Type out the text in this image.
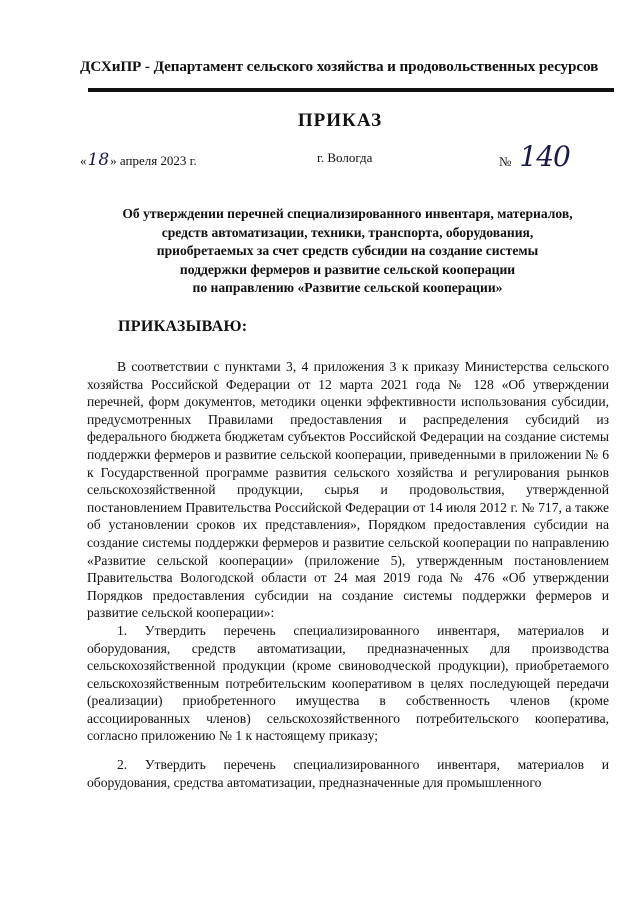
ДСХиПР - Департамент сельского хозяйства и продовольственных ресурсов
ПРИКАЗ
«18» апреля 2023 г.	г. Вологда	№ 140
Об утверждении перечней специализированного инвентаря, материалов,
средств автоматизации, техники, транспорта, оборудования,
приобретаемых за счет средств субсидии на создание системы
поддержки фермеров и развитие сельской кооперации
по направлению «Развитие сельской кооперации»
ПРИКАЗЫВАЮ:

В соответствии с пунктами 3, 4 приложения 3 к приказу Министерства сельского хозяйства Российской Федерации от 12 марта 2021 года № 128 «Об утверждении перечней, форм документов, методики оценки эффективности использования субсидии, предусмотренных Правилами предоставления и распределения субсидий из федерального бюджета бюджетам субъектов Российской Федерации на создание системы поддержки фермеров и развитие сельской кооперации, приведенными в приложении № 6 к Государственной программе развития сельского хозяйства и регулирования рынков сельскохозяйственной продукции, сырья и продовольствия, утвержденной постановлением Правительства Российской Федерации от 14 июля 2012 г. № 717, а также об установлении сроков их представления», Порядком предоставления субсидии на создание системы поддержки фермеров и развитие сельской кооперации по направлению «Развитие сельской кооперации» (приложение 5), утвержденным постановлением Правительства Вологодской области от 24 мая 2019 года № 476 «Об утверждении Порядков предоставления субсидии на создание системы поддержки фермеров и развитие сельской кооперации»:

1. Утвердить перечень специализированного инвентаря, материалов и оборудования, средств автоматизации, предназначенных для производства сельскохозяйственной продукции (кроме свиноводческой продукции), приобретаемого сельскохозяйственным потребительским кооперативом в целях последующей передачи (реализации) приобретенного имущества в собственность членов (кроме ассоциированных членов) сельскохозяйственного потребительского кооператива, согласно приложению № 1 к настоящему приказу;

2. Утвердить перечень специализированного инвентаря, материалов и оборудования, средства автоматизации, предназначенные для промышленного
